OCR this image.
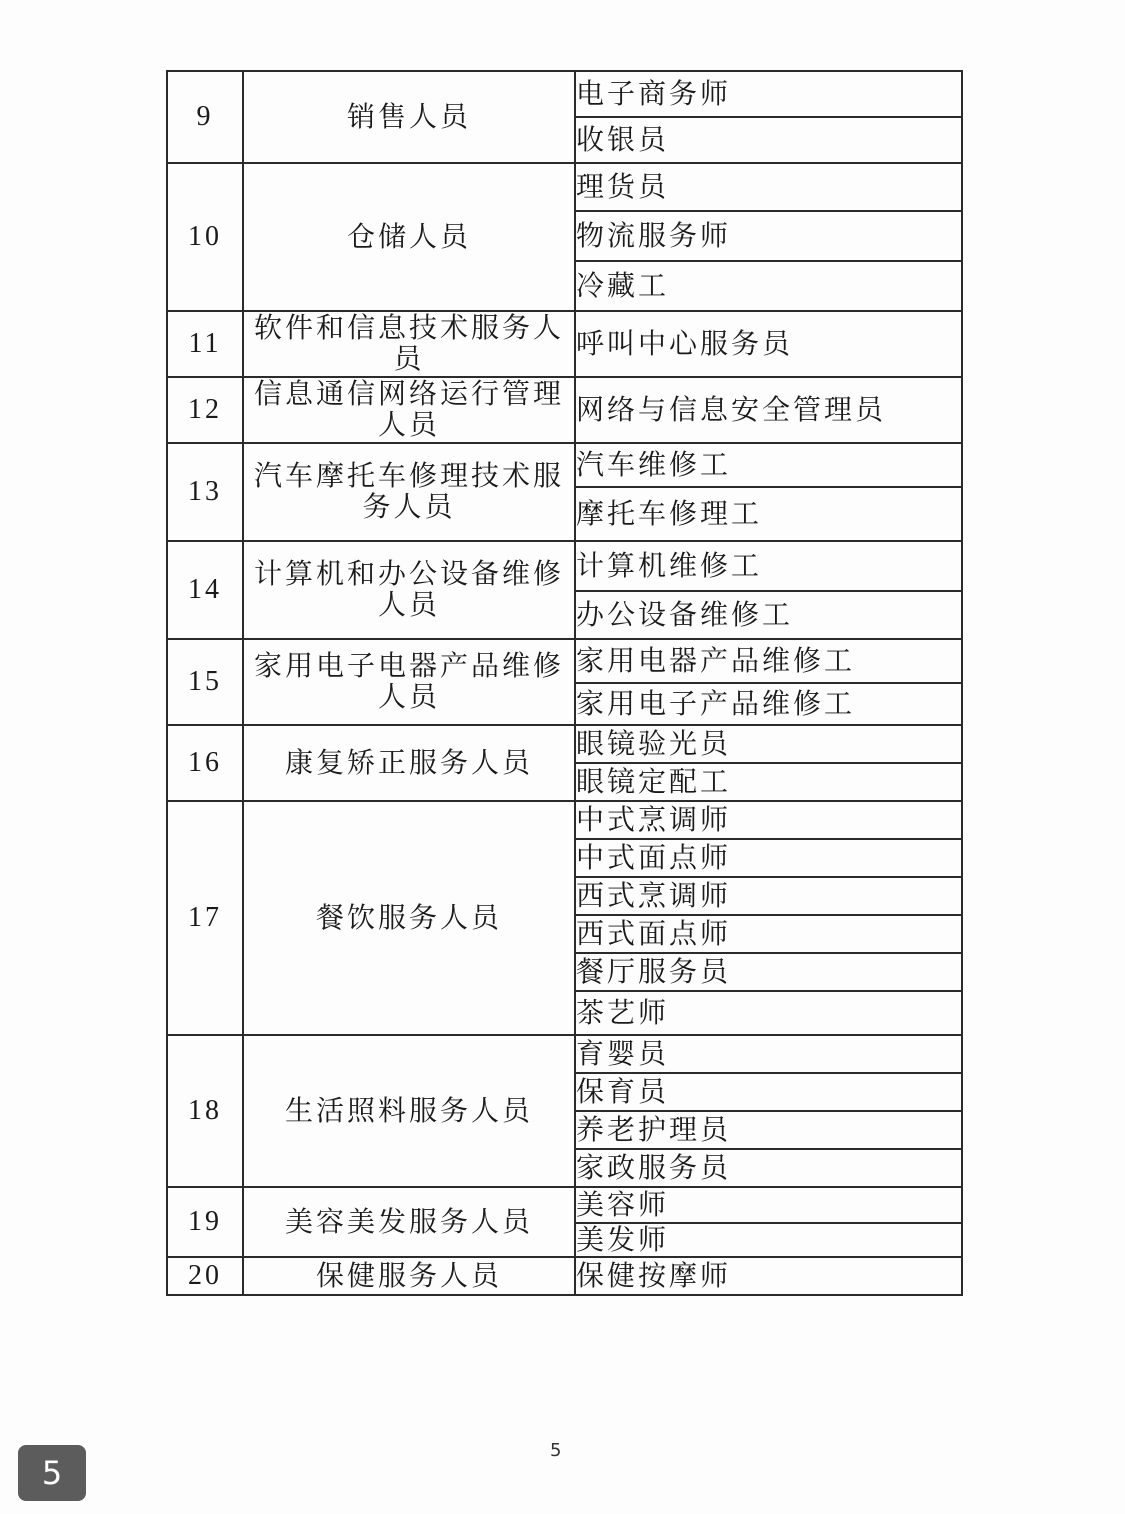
9	销售人员	电子商务师
		收银员
10	仓储人员	理货员
		物流服务师
		冷藏工
11	软件和信息技术服务人员	呼叫中心服务员
12	信息通信网络运行管理人员	网络与信息安全管理员
13	汽车摩托车修理技术服务人员	汽车维修工
		摩托车修理工
14	计算机和办公设备维修人员	计算机维修工
		办公设备维修工
15	家用电子电器产品维修人员	家用电器产品维修工
		家用电子产品维修工
16	康复矫正服务人员	眼镜验光员
		眼镜定配工
17	餐饮服务人员	中式烹调师
		中式面点师
		西式烹调师
		西式面点师
		餐厅服务员
		茶艺师
18	生活照料服务人员	育婴员
		保育员
		养老护理员
		家政服务员
19	美容美发服务人员	美容师
		美发师
20	保健服务人员	保健按摩师
5
5
